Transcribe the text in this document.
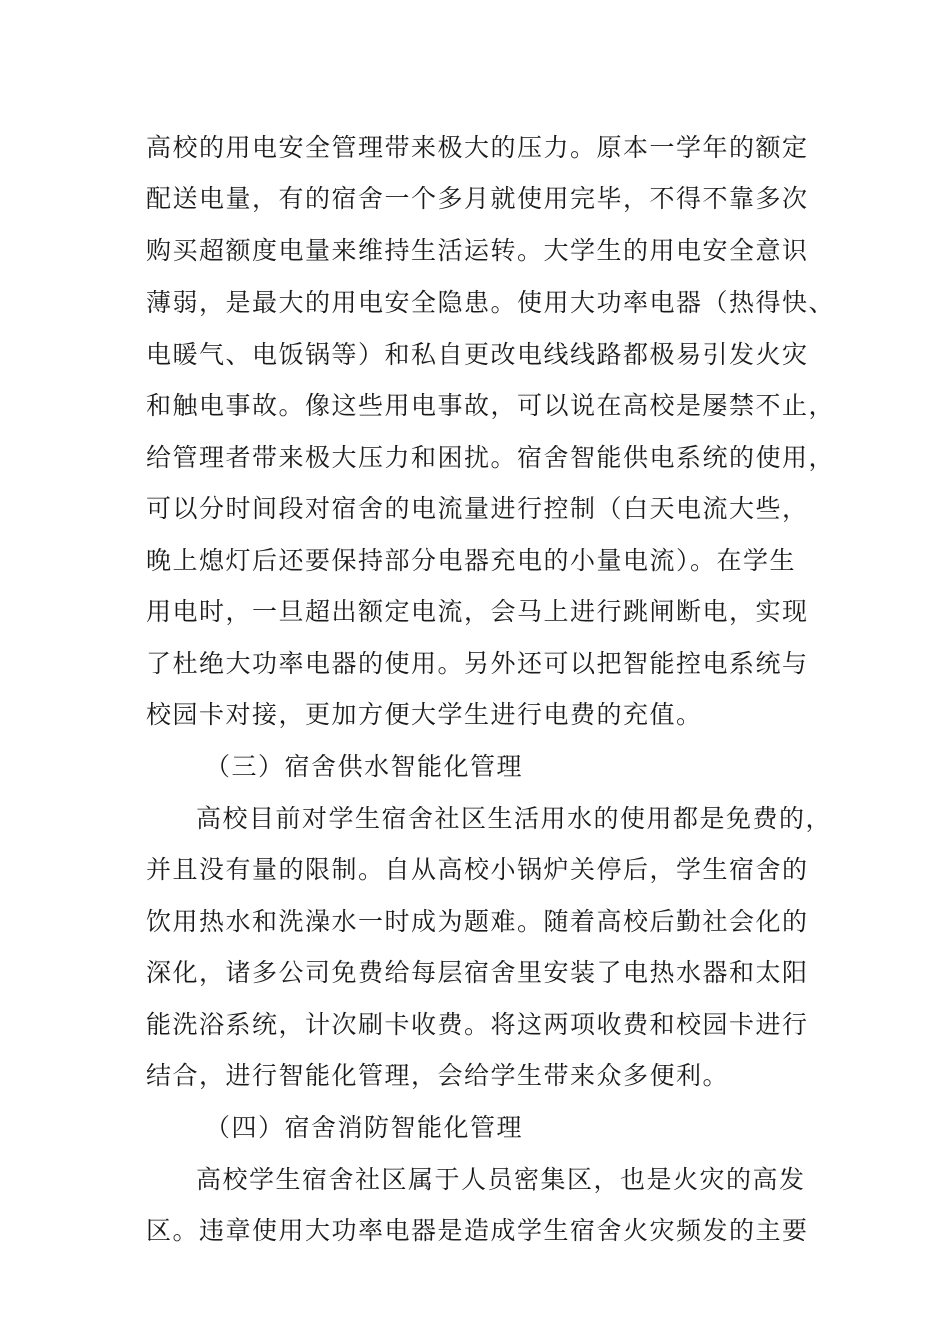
高校的用电安全管理带来极大的压力。原本一学年的额定
配送电量，有的宿舍一个多月就使用完毕，不得不靠多次
购买超额度电量来维持生活运转。大学生的用电安全意识
薄弱，是最大的用电安全隐患。使用大功率电器（热得快、
电暖气、电饭锅等）和私自更改电线线路都极易引发火灾
和触电事故。像这些用电事故，可以说在高校是屡禁不止，
给管理者带来极大压力和困扰。宿舍智能供电系统的使用，
可以分时间段对宿舍的电流量进行控制（白天电流大些，
晚上熄灯后还要保持部分电器充电的小量电流）。在学生
用电时，一旦超出额定电流，会马上进行跳闸断电，实现
了杜绝大功率电器的使用。另外还可以把智能控电系统与
校园卡对接，更加方便大学生进行电费的充值。
（三）宿舍供水智能化管理
高校目前对学生宿舍社区生活用水的使用都是免费的，
并且没有量的限制。自从高校小锅炉关停后，学生宿舍的
饮用热水和洗澡水一时成为题难。随着高校后勤社会化的
深化，诸多公司免费给每层宿舍里安装了电热水器和太阳
能洗浴系统，计次刷卡收费。将这两项收费和校园卡进行
结合，进行智能化管理，会给学生带来众多便利。
（四）宿舍消防智能化管理
高校学生宿舍社区属于人员密集区，也是火灾的高发
区。违章使用大功率电器是造成学生宿舍火灾频发的主要
